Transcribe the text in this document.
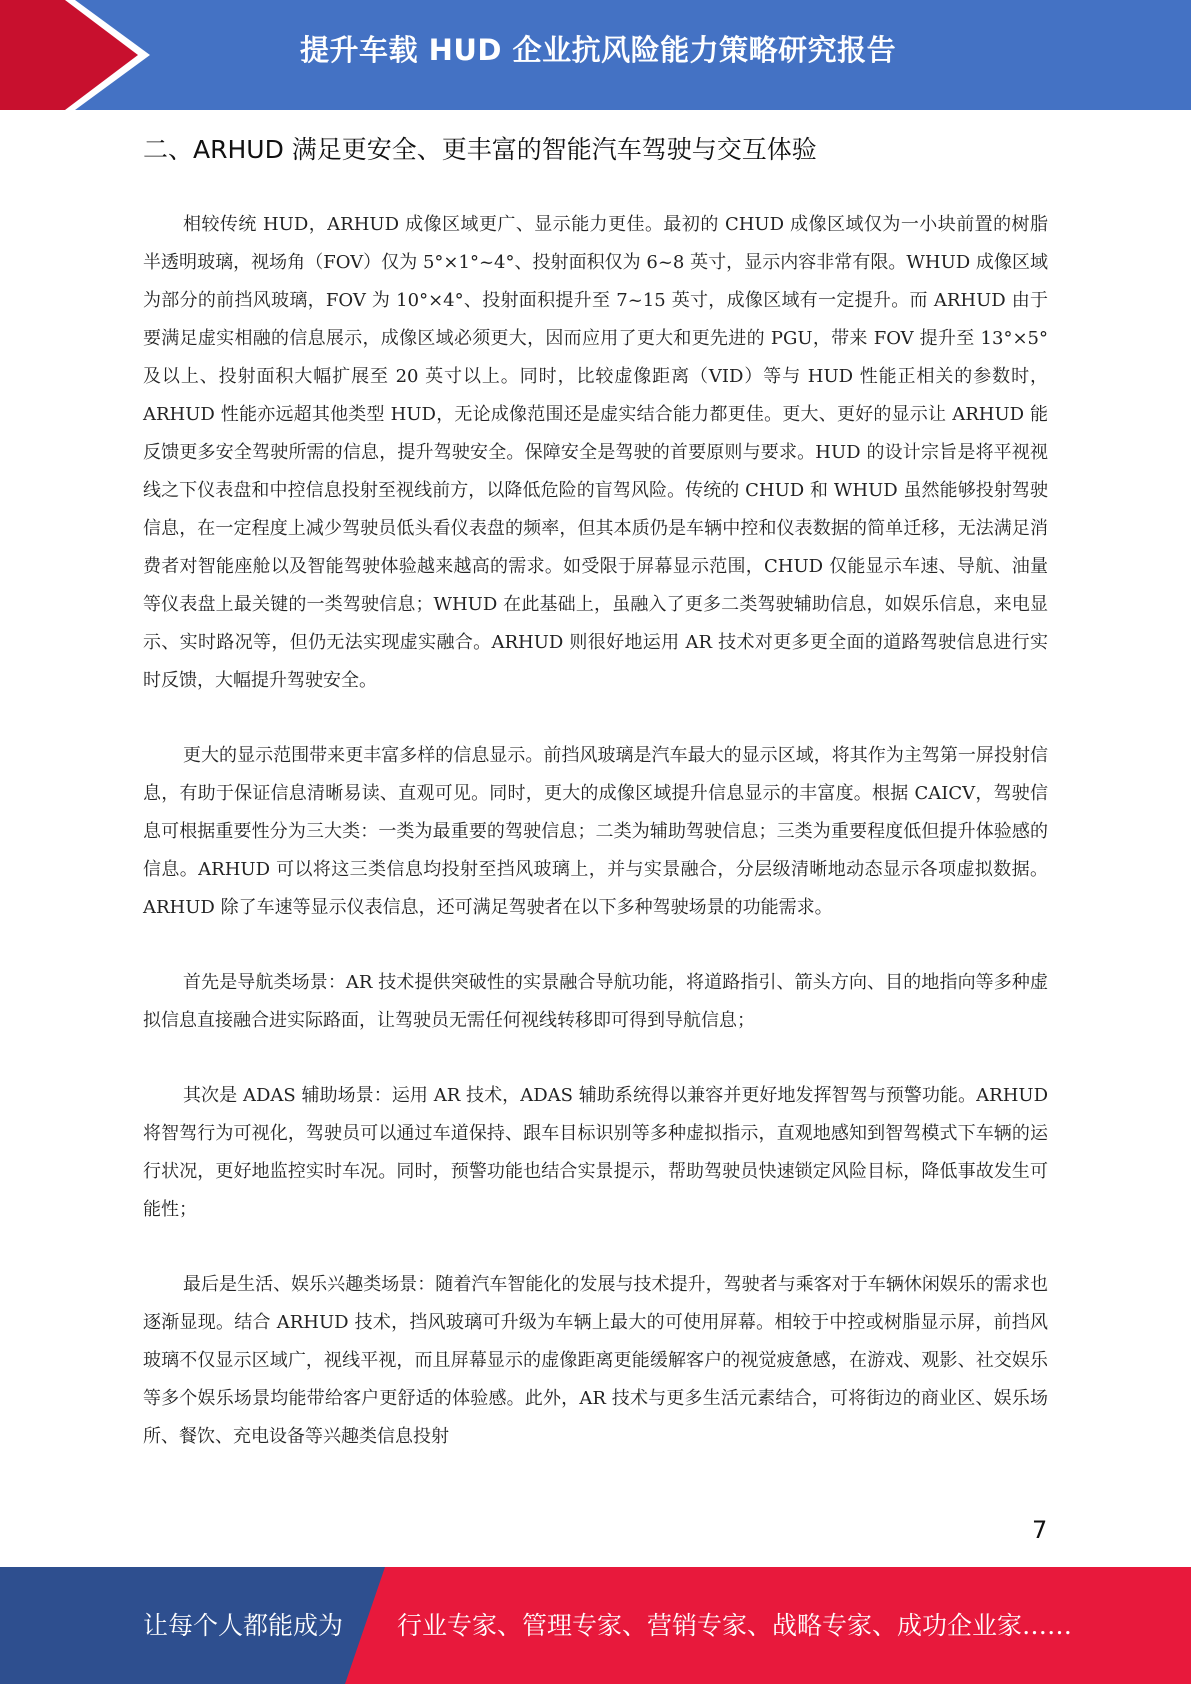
提升车载 HUD 企业抗风险能力策略研究报告
二、ARHUD 满足更安全、更丰富的智能汽车驾驶与交互体验

相较传统 HUD，ARHUD 成像区域更广、显示能力更佳。最初的 CHUD 成像区域仅为一小块前置的树脂半透明玻璃，视场角（FOV）仅为 5°×1°~4°、投射面积仅为 6~8 英寸，显示内容非常有限。WHUD 成像区域为部分的前挡风玻璃，FOV 为 10°×4°、投射面积提升至 7~15 英寸，成像区域有一定提升。而 ARHUD 由于要满足虚实相融的信息展示，成像区域必须更大，因而应用了更大和更先进的 PGU，带来 FOV 提升至 13°×5°及以上、投射面积大幅扩展至 20 英寸以上。同时，比较虚像距离（VID）等与 HUD 性能正相关的参数时，ARHUD 性能亦远超其他类型 HUD，无论成像范围还是虚实结合能力都更佳。更大、更好的显示让 ARHUD 能反馈更多安全驾驶所需的信息，提升驾驶安全。保障安全是驾驶的首要原则与要求。HUD 的设计宗旨是将平视视线之下仪表盘和中控信息投射至视线前方，以降低危险的盲驾风险。传统的 CHUD 和 WHUD 虽然能够投射驾驶信息，在一定程度上减少驾驶员低头看仪表盘的频率，但其本质仍是车辆中控和仪表数据的简单迁移，无法满足消费者对智能座舱以及智能驾驶体验越来越高的需求。如受限于屏幕显示范围，CHUD 仅能显示车速、导航、油量等仪表盘上最关键的一类驾驶信息；WHUD 在此基础上，虽融入了更多二类驾驶辅助信息，如娱乐信息，来电显示、实时路况等，但仍无法实现虚实融合。ARHUD 则很好地运用 AR 技术对更多更全面的道路驾驶信息进行实时反馈，大幅提升驾驶安全。

更大的显示范围带来更丰富多样的信息显示。前挡风玻璃是汽车最大的显示区域，将其作为主驾第一屏投射信息，有助于保证信息清晰易读、直观可见。同时，更大的成像区域提升信息显示的丰富度。根据 CAICV，驾驶信息可根据重要性分为三大类：一类为最重要的驾驶信息；二类为辅助驾驶信息；三类为重要程度低但提升体验感的信息。ARHUD 可以将这三类信息均投射至挡风玻璃上，并与实景融合，分层级清晰地动态显示各项虚拟数据。ARHUD 除了车速等显示仪表信息，还可满足驾驶者在以下多种驾驶场景的功能需求。

首先是导航类场景：AR 技术提供突破性的实景融合导航功能，将道路指引、箭头方向、目的地指向等多种虚拟信息直接融合进实际路面，让驾驶员无需任何视线转移即可得到导航信息；

其次是 ADAS 辅助场景：运用 AR 技术，ADAS 辅助系统得以兼容并更好地发挥智驾与预警功能。ARHUD 将智驾行为可视化，驾驶员可以通过车道保持、跟车目标识别等多种虚拟指示，直观地感知到智驾模式下车辆的运行状况，更好地监控实时车况。同时，预警功能也结合实景提示，帮助驾驶员快速锁定风险目标，降低事故发生可能性；

最后是生活、娱乐兴趣类场景：随着汽车智能化的发展与技术提升，驾驶者与乘客对于车辆休闲娱乐的需求也逐渐显现。结合 ARHUD 技术，挡风玻璃可升级为车辆上最大的可使用屏幕。相较于中控或树脂显示屏，前挡风玻璃不仅显示区域广，视线平视，而且屏幕显示的虚像距离更能缓解客户的视觉疲惫感，在游戏、观影、社交娱乐等多个娱乐场景均能带给客户更舒适的体验感。此外，AR 技术与更多生活元素结合，可将街边的商业区、娱乐场所、餐饮、充电设备等兴趣类信息投射

7
让每个人都能成为 行业专家、管理专家、营销专家、战略专家、成功企业家……
